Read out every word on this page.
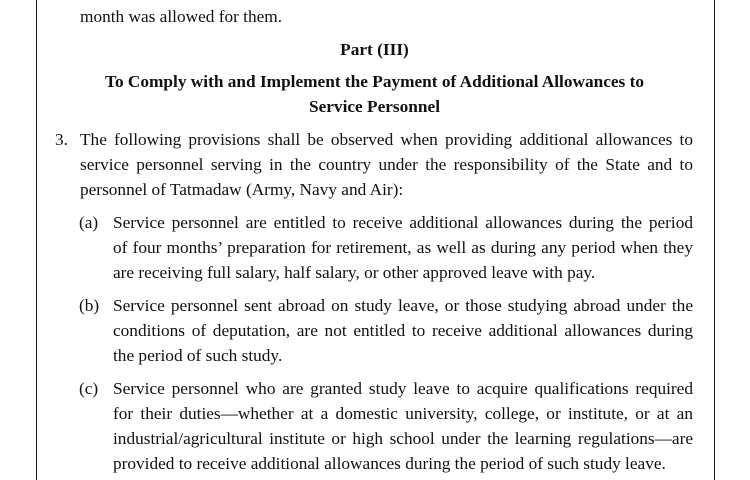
month was allowed for them.
Part (III)
To Comply with and Implement the Payment of Additional Allowances to
Service Personnel
3. The following provisions shall be observed when providing additional allowances to
service personnel serving in the country under the responsibility of the State and to
personnel of Tatmadaw (Army, Navy and Air):
(a) Service personnel are entitled to receive additional allowances during the period
of four months’ preparation for retirement, as well as during any period when they
are receiving full salary, half salary, or other approved leave with pay.
(b) Service personnel sent abroad on study leave, or those studying abroad under the
conditions of deputation, are not entitled to receive additional allowances during
the period of such study.
(c) Service personnel who are granted study leave to acquire qualifications required
for their duties—whether at a domestic university, college, or institute, or at an
industrial/agricultural institute or high school under the learning regulations—are
provided to receive additional allowances during the period of such study leave.
